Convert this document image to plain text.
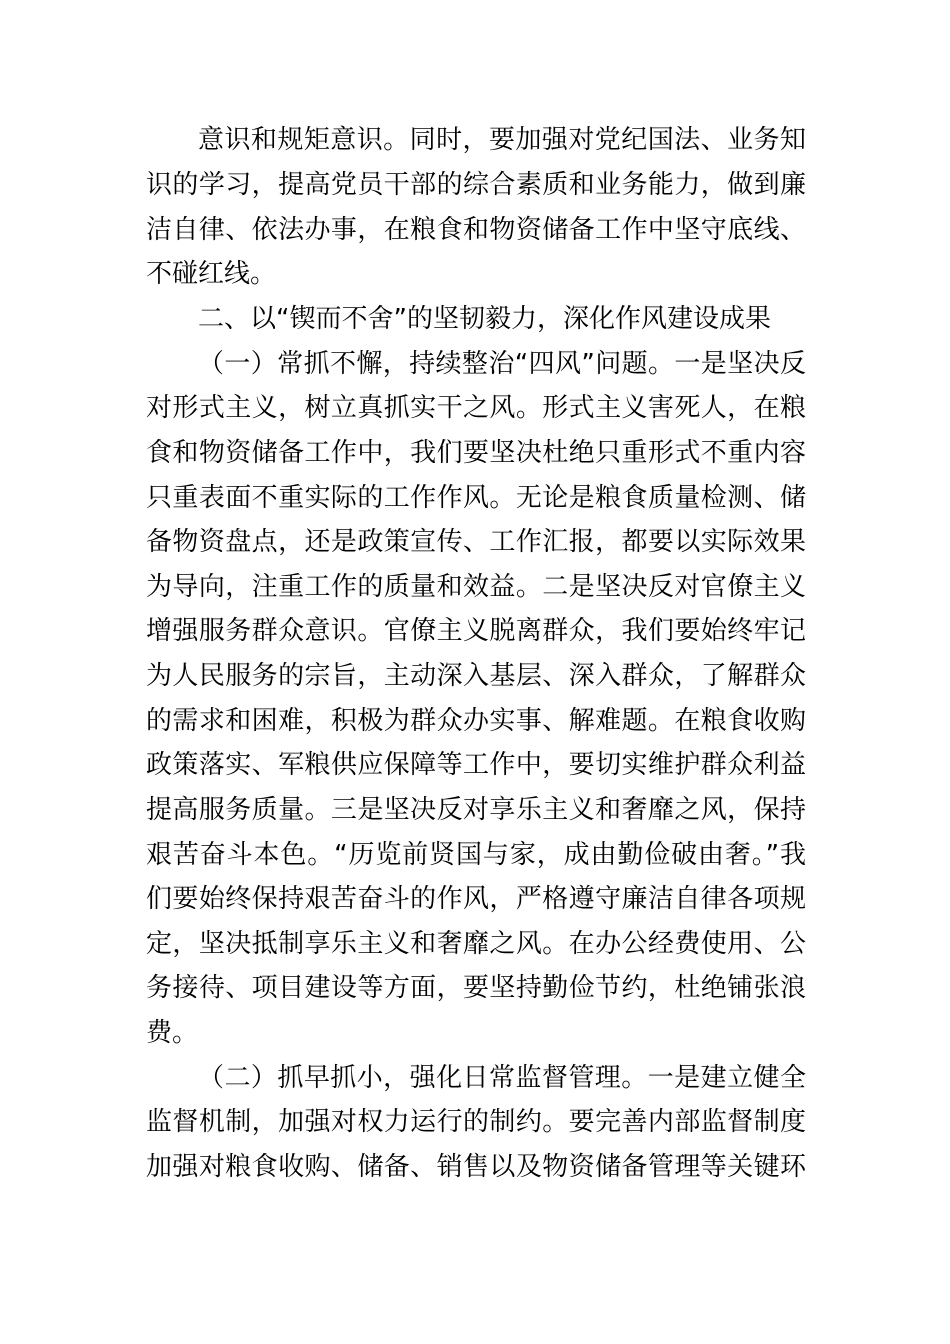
意识和规矩意识。同时，要加强对党纪国法、业务知
识的学习，提高党员干部的综合素质和业务能力，做到廉
洁自律、依法办事，在粮食和物资储备工作中坚守底线、
不碰红线。
二、以“锲而不舍”的坚韧毅力，深化作风建设成果
（一）常抓不懈，持续整治“四风”问题。一是坚决反
对形式主义，树立真抓实干之风。形式主义害死人，在粮
食和物资储备工作中，我们要坚决杜绝只重形式不重内容
只重表面不重实际的工作作风。无论是粮食质量检测、储
备物资盘点，还是政策宣传、工作汇报，都要以实际效果
为导向，注重工作的质量和效益。二是坚决反对官僚主义
增强服务群众意识。官僚主义脱离群众，我们要始终牢记
为人民服务的宗旨，主动深入基层、深入群众，了解群众
的需求和困难，积极为群众办实事、解难题。在粮食收购
政策落实、军粮供应保障等工作中，要切实维护群众利益
提高服务质量。三是坚决反对享乐主义和奢靡之风，保持
艰苦奋斗本色。“历览前贤国与家，成由勤俭破由奢。”我
们要始终保持艰苦奋斗的作风，严格遵守廉洁自律各项规
定，坚决抵制享乐主义和奢靡之风。在办公经费使用、公
务接待、项目建设等方面，要坚持勤俭节约，杜绝铺张浪
费。
（二）抓早抓小，强化日常监督管理。一是建立健全
监督机制，加强对权力运行的制约。要完善内部监督制度
加强对粮食收购、储备、销售以及物资储备管理等关键环
